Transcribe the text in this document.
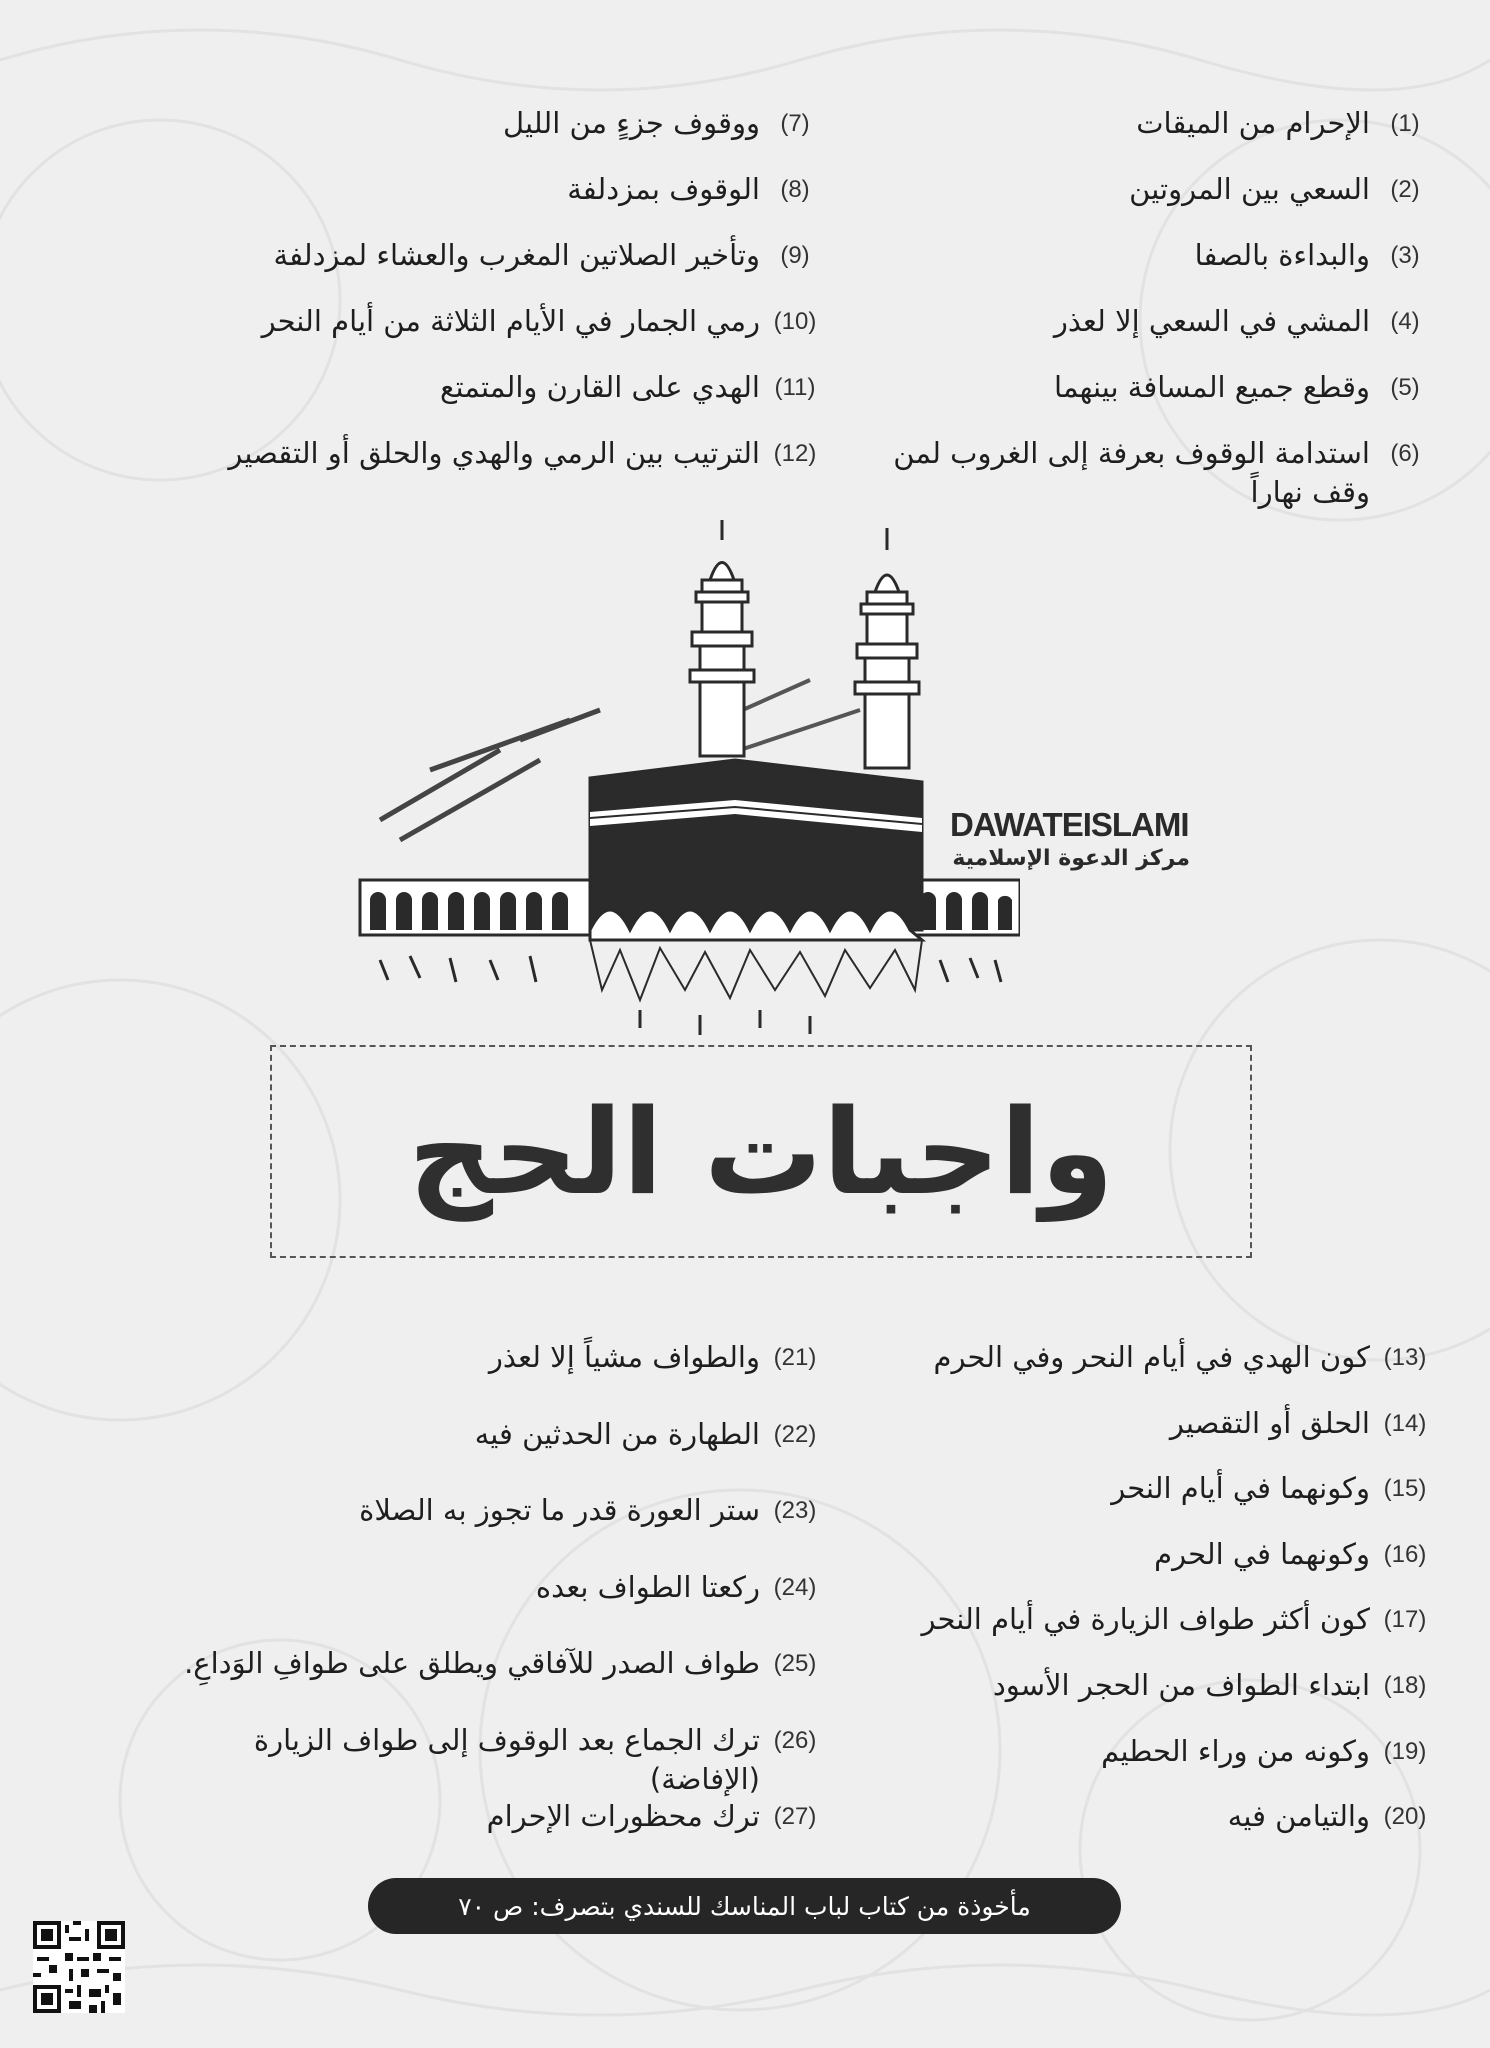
(1)
الإحرام من الميقات
(2)
السعي بين المروتين
(3)
والبداءة بالصفا
(4)
المشي في السعي إلا لعذر
(5)
وقطع جميع المسافة بينهما
(6)
استدامة الوقوف بعرفة إلى الغروب لمن وقف نهاراً
(7)
ووقوف جزءٍ من الليل
(8)
الوقوف بمزدلفة
(9)
وتأخير الصلاتين المغرب والعشاء لمزدلفة
(10)
رمي الجمار في الأيام الثلاثة من أيام النحر
(11)
الهدي على القارن والمتمتع
(12)
الترتيب بين الرمي والهدي والحلق أو التقصير
DAWATEISLAMI
مركز الدعوة الإسلامية
واجبات الحج
(13)
كون الهدي في أيام النحر وفي الحرم
(14)
الحلق أو التقصير
(15)
وكونهما في أيام النحر
(16)
وكونهما في الحرم
(17)
كون أكثر طواف الزيارة في أيام النحر
(18)
ابتداء الطواف من الحجر الأسود
(19)
وكونه من وراء الحطيم
(20)
والتيامن فيه
(21)
والطواف مشياً إلا لعذر
(22)
الطهارة من الحدثين فيه
(23)
ستر العورة قدر ما تجوز به الصلاة
(24)
ركعتا الطواف بعده
(25)
طواف الصدر للآفاقي ويطلق على طوافِ الوَداعِ.
(26)
ترك الجماع بعد الوقوف إلى طواف الزيارة (الإفاضة)
(27)
ترك محظورات الإحرام
مأخوذة من كتاب لباب المناسك للسندي بتصرف: ص ٧٠
